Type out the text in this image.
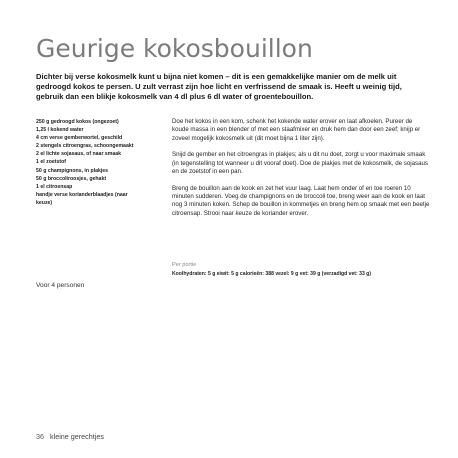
Geurige kokosbouillon

Dichter bij verse kokosmelk kunt u bijna niet komen – dit is een gemakkelijke manier om de melk uit gedroogd kokos te persen. U zult verrast zijn hoe licht en verfrissend de smaak is. Heeft u weinig tijd, gebruik dan een blikje kokosmelk van 4 dl plus 6 dl water of groentebouillon.

250 g gedroogd kokos (ongezoet)
1,25 l kokend water
4 cm verse gemberwortel, geschild
2 stengels citroengras, schoongemaakt
2 el lichte sojasaus, of naar smaak
1 el zoetstof
50 g champignons, in plakjes
50 g broccoliroosjes, gehakt
1 el citroensap
handje verse korianderblaadjes (naar
keuze)
Voor 4 personen

Doe het kokos in een kom, schenk het kokende water erover en laat afkoelen. Pureer de koude massa in een blender of met een staafmixer en druk hem dan door een zeef; knijp er zoveel mogelijk kokosmelk uit (dit moet bijna 1 liter zijn).

Snijd de gember en het citroengras in plakjes; als u dit nu doet, zorgt u voor maximale smaak (in tegenstelling tot wanneer u dit vooraf doet). Doe de plakjes met de kokosmelk, de sojasaus en de zoetstof in een pan.

Breng de bouillon aan de kook en zet het vuur laag. Laat hem onder of en toe roeren 10 minuten sudderen. Voeg de champignons en de broccoli toe, breng weer aan de kook en laat nog 3 minuten koken. Schep de bouillon in kommetjes en breng hem op smaak met een beetje citroensap. Strooi naar keuze de koriander erover.

Per portie
Koolhydraten: 5 g eiwit: 5 g calorieën: 388 vezel: 9 g vet: 39 g (verzadigd vet: 33 g)
36 kleine gerechtjes
